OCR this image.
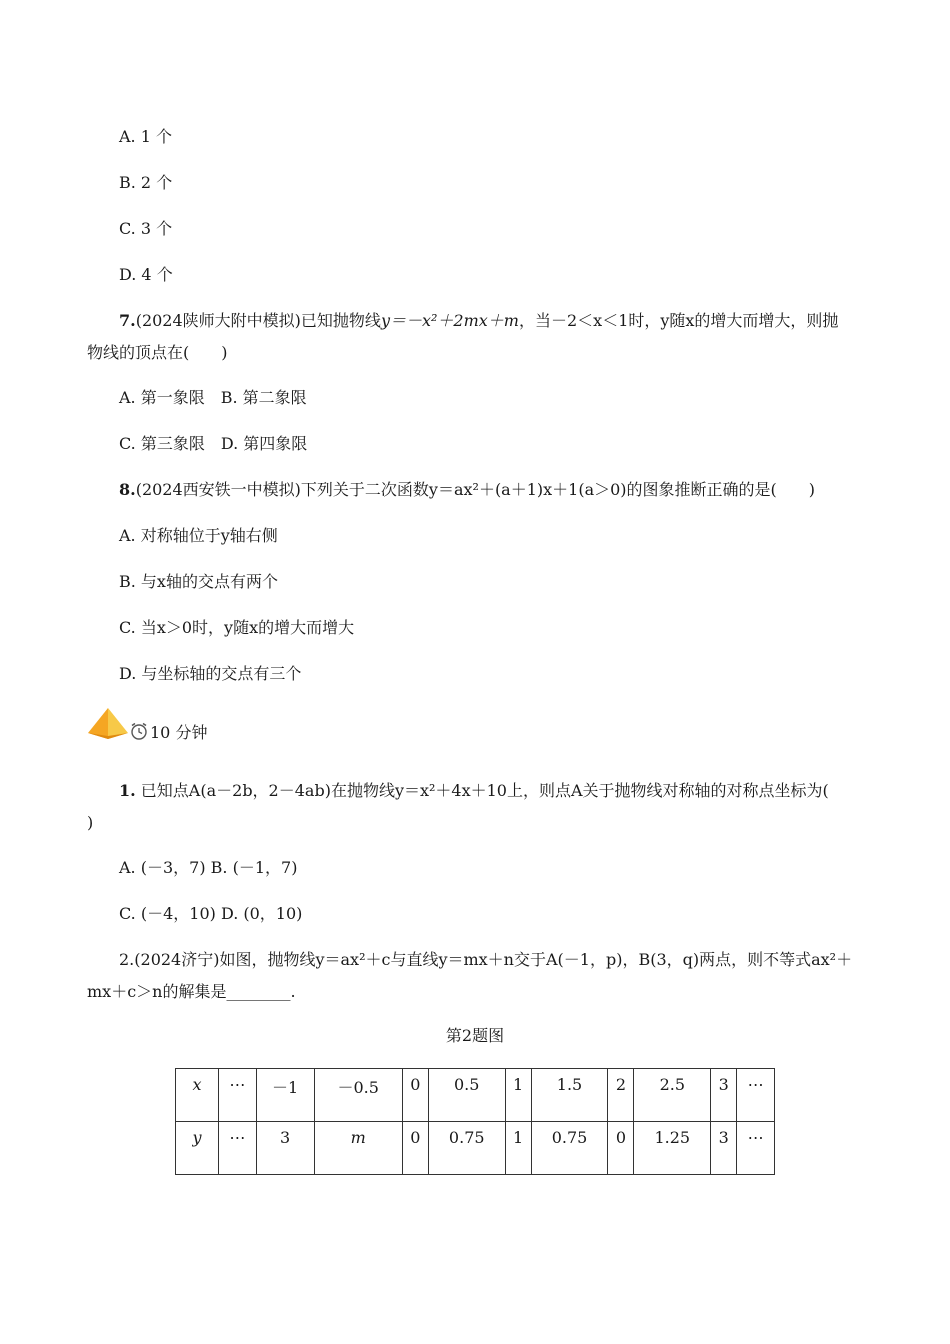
A. 1 个
B. 2 个
C. 3 个
D. 4 个
7.(2024陕师大附中模拟)已知抛物线y＝－x²＋2mx＋m，当－2＜x＜1时，y随x的增大而增大，则抛
物线的顶点在(　　)
A. 第一象限　B. 第二象限
C. 第三象限　D. 第四象限
8.(2024西安铁一中模拟)下列关于二次函数y＝ax²＋(a＋1)x＋1(a＞0)的图象推断正确的是(　　)
A. 对称轴位于y轴右侧
B. 与x轴的交点有两个
C. 当x＞0时，y随x的增大而增大
D. 与坐标轴的交点有三个
10 分钟
1. 已知点A(a－2b，2－4ab)在抛物线y＝x²＋4x＋10上，则点A关于抛物线对称轴的对称点坐标为(
)
A. (－3，7) B. (－1，7)
C. (－4，10) D. (0，10)
2.(2024济宁)如图，抛物线y＝ax²＋c与直线y＝mx＋n交于A(－1，p)，B(3，q)两点，则不等式ax²＋
mx＋c＞n的解集是________.
第2题图
x	⋯	－1	－0.5	0	0.5	1	1.5	2	2.5	3	⋯
y	⋯	3	m	0	0.75	1	0.75	0	1.25	3	⋯
